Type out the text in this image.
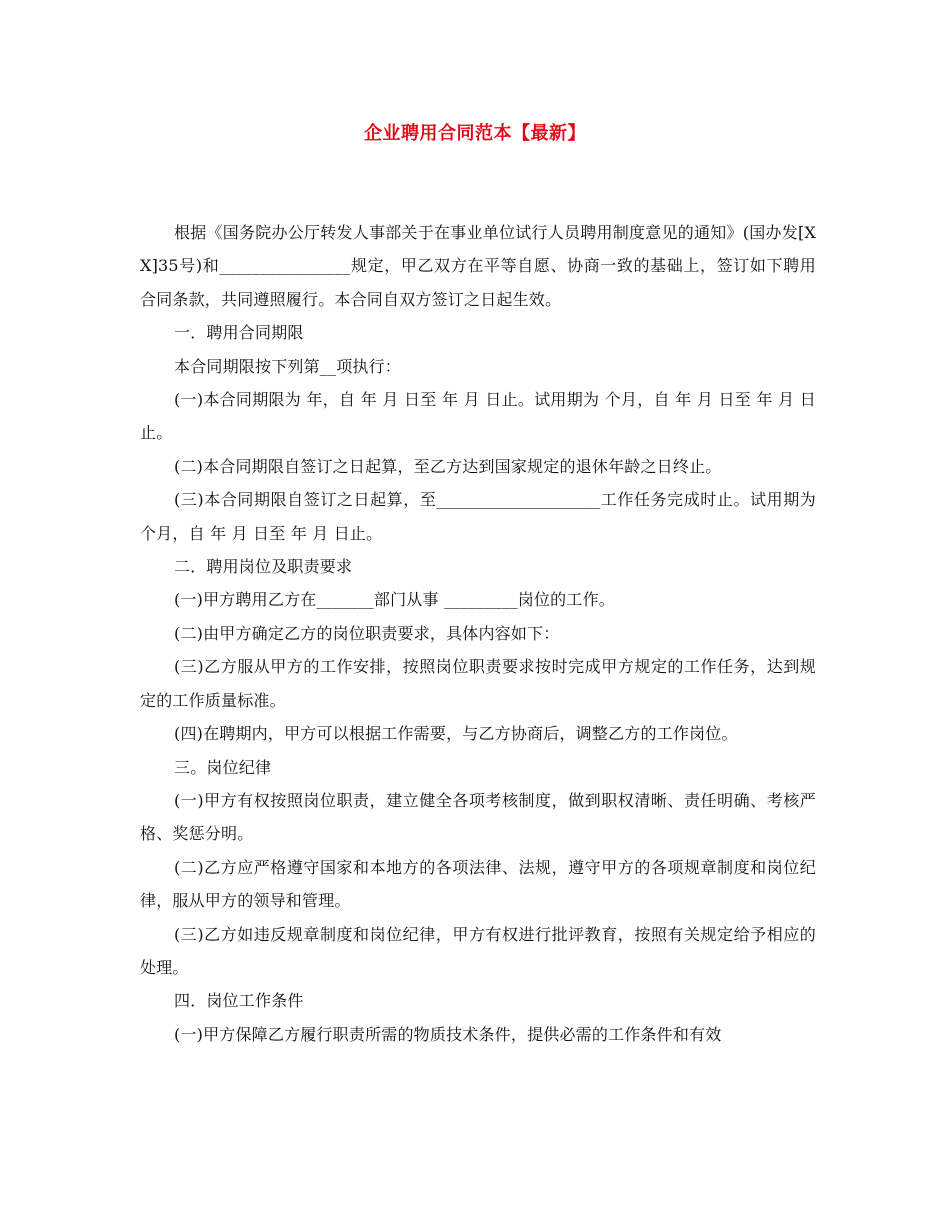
企业聘用合同范本【最新】

根据《国务院办公厅转发人事部关于在事业单位试行人员聘用制度意见的通知》(国办发[XX]35号)和________________规定，甲乙双方在平等自愿、协商一致的基础上，签订如下聘用合同条款，共同遵照履行。本合同自双方签订之日起生效。

一．聘用合同期限

本合同期限按下列第__项执行：

(一)本合同期限为 年，自 年 月 日至 年 月 日止。试用期为 个月，自 年 月 日至 年 月 日止。

(二)本合同期限自签订之日起算，至乙方达到国家规定的退休年龄之日终止。

(三)本合同期限自签订之日起算，至____________________工作任务完成时止。试用期为 个月，自 年 月 日至 年 月 日止。

二．聘用岗位及职责要求

(一)甲方聘用乙方在_______部门从事 _________岗位的工作。

(二)由甲方确定乙方的岗位职责要求，具体内容如下：

(三)乙方服从甲方的工作安排，按照岗位职责要求按时完成甲方规定的工作任务，达到规定的工作质量标准。

(四)在聘期内，甲方可以根据工作需要，与乙方协商后，调整乙方的工作岗位。

三。岗位纪律

(一)甲方有权按照岗位职责，建立健全各项考核制度，做到职权清晰、责任明确、考核严格、奖惩分明。

(二)乙方应严格遵守国家和本地方的各项法律、法规，遵守甲方的各项规章制度和岗位纪律，服从甲方的领导和管理。

(三)乙方如违反规章制度和岗位纪律，甲方有权进行批评教育，按照有关规定给予相应的处理。

四．岗位工作条件

(一)甲方保障乙方履行职责所需的物质技术条件，提供必需的工作条件和有效
